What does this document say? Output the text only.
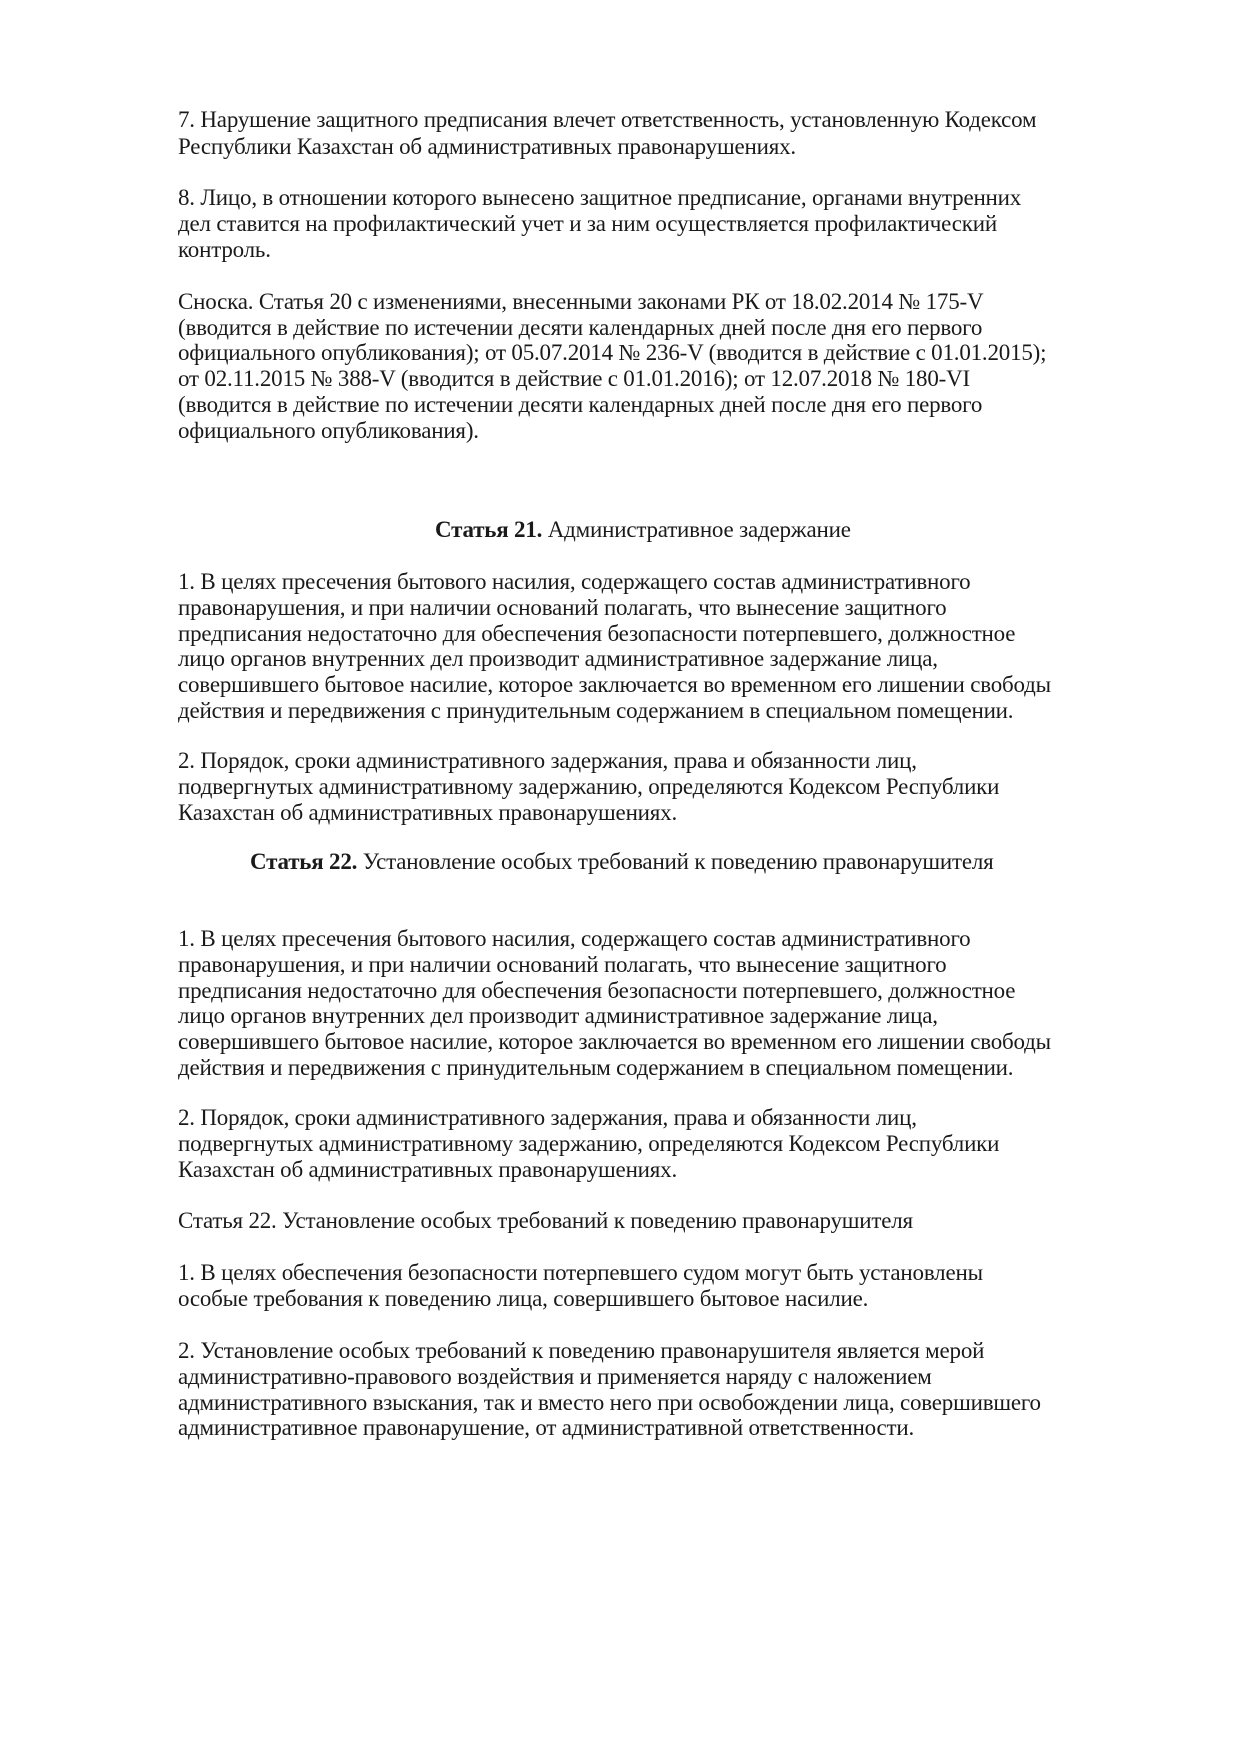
7. Нарушение защитного предписания влечет ответственность, установленную Кодексом
Республики Казахстан об административных правонарушениях.
8. Лицо, в отношении которого вынесено защитное предписание, органами внутренних
дел ставится на профилактический учет и за ним осуществляется профилактический
контроль.
Сноска. Статья 20 с изменениями, внесенными законами РК от 18.02.2014 № 175-V
(вводится в действие по истечении десяти календарных дней после дня его первого
официального опубликования); от 05.07.2014 № 236-V (вводится в действие с 01.01.2015);
от 02.11.2015 № 388-V (вводится в действие с 01.01.2016); от 12.07.2018 № 180-VI
(вводится в действие по истечении десяти календарных дней после дня его первого
официального опубликования).
Статья 21. Административное задержание
1. В целях пресечения бытового насилия, содержащего состав административного
правонарушения, и при наличии оснований полагать, что вынесение защитного
предписания недостаточно для обеспечения безопасности потерпевшего, должностное
лицо органов внутренних дел производит административное задержание лица,
совершившего бытовое насилие, которое заключается во временном его лишении свободы
действия и передвижения с принудительным содержанием в специальном помещении.
2. Порядок, сроки административного задержания, права и обязанности лиц,
подвергнутых административному задержанию, определяются Кодексом Республики
Казахстан об административных правонарушениях.
Статья 22. Установление особых требований к поведению правонарушителя
1. В целях пресечения бытового насилия, содержащего состав административного
правонарушения, и при наличии оснований полагать, что вынесение защитного
предписания недостаточно для обеспечения безопасности потерпевшего, должностное
лицо органов внутренних дел производит административное задержание лица,
совершившего бытовое насилие, которое заключается во временном его лишении свободы
действия и передвижения с принудительным содержанием в специальном помещении.
2. Порядок, сроки административного задержания, права и обязанности лиц,
подвергнутых административному задержанию, определяются Кодексом Республики
Казахстан об административных правонарушениях.
Статья 22. Установление особых требований к поведению правонарушителя
1. В целях обеспечения безопасности потерпевшего судом могут быть установлены
особые требования к поведению лица, совершившего бытовое насилие.
2. Установление особых требований к поведению правонарушителя является мерой
административно-правового воздействия и применяется наряду с наложением
административного взыскания, так и вместо него при освобождении лица, совершившего
административное правонарушение, от административной ответственности.
